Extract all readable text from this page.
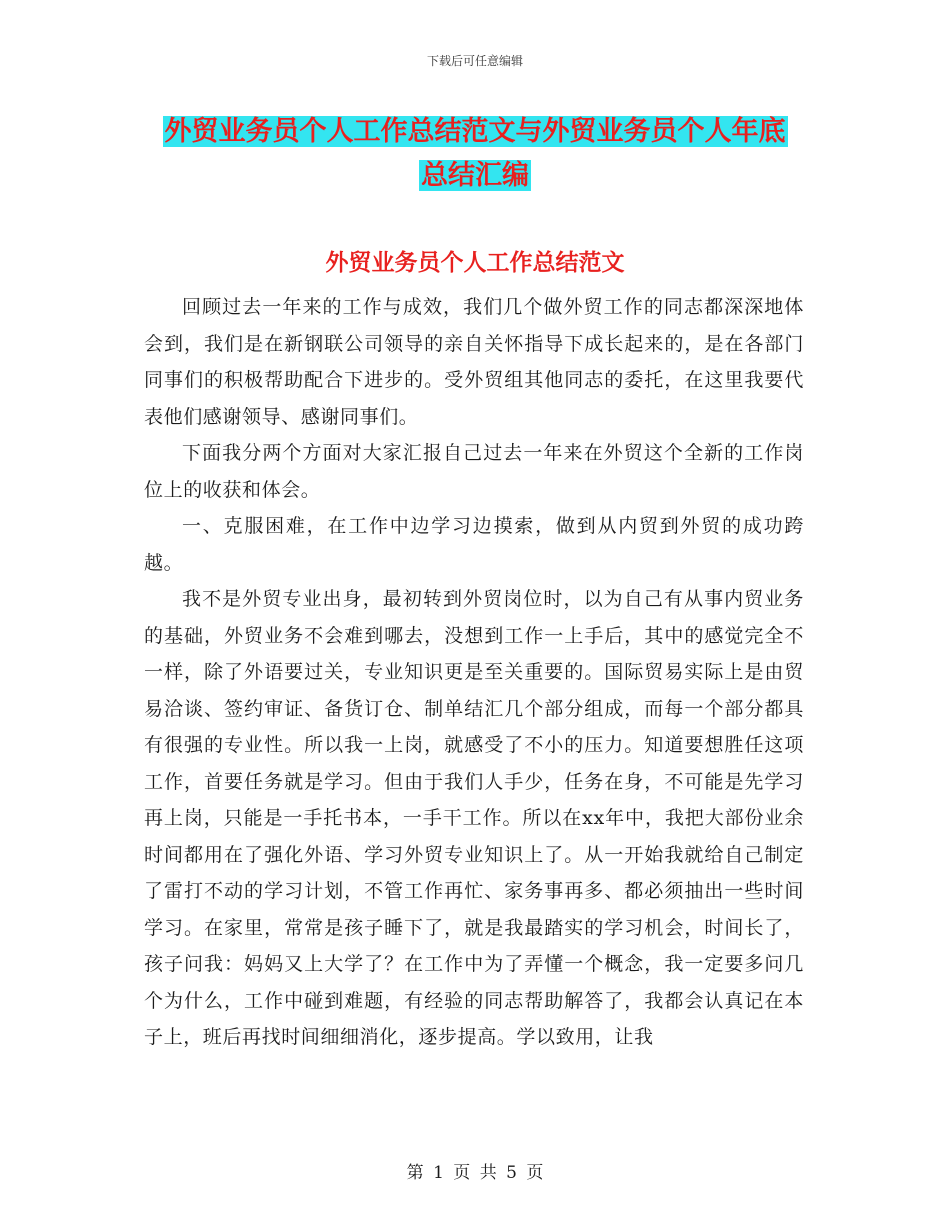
下载后可任意编辑
外贸业务员个人工作总结范文与外贸业务员个人年底
总结汇编
外贸业务员个人工作总结范文

回顾过去一年来的工作与成效，我们几个做外贸工作的同志都深深地体会到，我们是在新钢联公司领导的亲自关怀指导下成长起来的，是在各部门同事们的积极帮助配合下进步的。受外贸组其他同志的委托，在这里我要代表他们感谢领导、感谢同事们。

下面我分两个方面对大家汇报自己过去一年来在外贸这个全新的工作岗位上的收获和体会。

一、克服困难，在工作中边学习边摸索，做到从内贸到外贸的成功跨越。

我不是外贸专业出身，最初转到外贸岗位时，以为自己有从事内贸业务的基础，外贸业务不会难到哪去，没想到工作一上手后，其中的感觉完全不一样，除了外语要过关，专业知识更是至关重要的。国际贸易实际上是由贸易洽谈、签约审证、备货订仓、制单结汇几个部分组成，而每一个部分都具有很强的专业性。所以我一上岗，就感受了不小的压力。知道要想胜任这项工作，首要任务就是学习。但由于我们人手少，任务在身，不可能是先学习再上岗，只能是一手托书本，一手干工作。所以在xx年中，我把大部份业余时间都用在了强化外语、学习外贸专业知识上了。从一开始我就给自己制定了雷打不动的学习计划，不管工作再忙、家务事再多、都必须抽出一些时间学习。在家里，常常是孩子睡下了，就是我最踏实的学习机会，时间长了，孩子问我：妈妈又上大学了？在工作中为了弄懂一个概念，我一定要多问几个为什么，工作中碰到难题，有经验的同志帮助解答了，我都会认真记在本子上，班后再找时间细细消化，逐步提高。学以致用，让我

第 1 页 共 5 页
